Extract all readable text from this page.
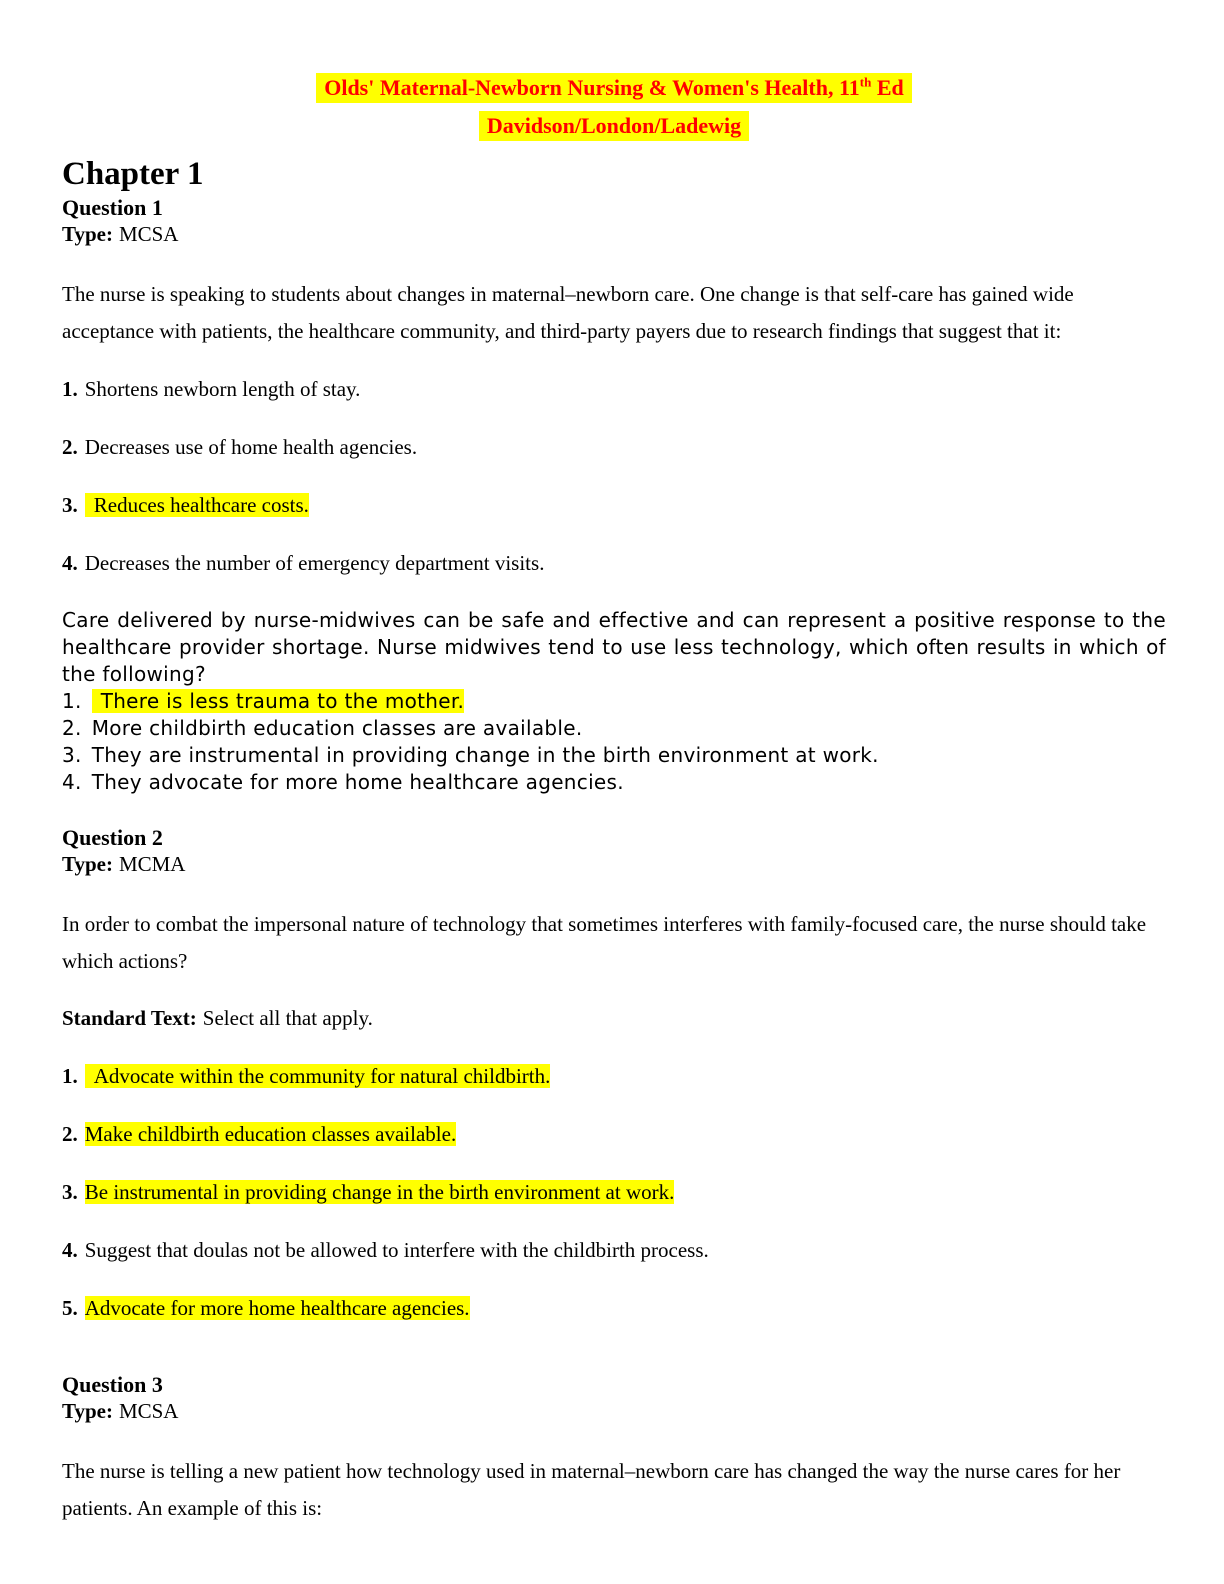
Olds' Maternal-Newborn Nursing & Women's Health, 11th Ed
Davidson/London/Ladewig
Chapter 1
Question 1
Type: MCSA

The nurse is speaking to students about changes in maternal–newborn care. One change is that self-care has gained wide acceptance with patients, the healthcare community, and third-party payers due to research findings that suggest that it:

1. Shortens newborn length of stay.

2. Decreases use of home health agencies.

3. Reduces healthcare costs.

4. Decreases the number of emergency department visits.

Care delivered by nurse-midwives can be safe and effective and can represent a positive response to the healthcare provider shortage. Nurse midwives tend to use less technology, which often results in which of the following?
1. There is less trauma to the mother.
2. More childbirth education classes are available.
3. They are instrumental in providing change in the birth environment at work.
4. They advocate for more home healthcare agencies.
Question 2
Type: MCMA

In order to combat the impersonal nature of technology that sometimes interferes with family-focused care, the nurse should take which actions?

Standard Text: Select all that apply.

1. Advocate within the community for natural childbirth.

2. Make childbirth education classes available.

3. Be instrumental in providing change in the birth environment at work.

4. Suggest that doulas not be allowed to interfere with the childbirth process.

5. Advocate for more home healthcare agencies.

Question 3
Type: MCSA

The nurse is telling a new patient how technology used in maternal–newborn care has changed the way the nurse cares for her patients. An example of this is:
